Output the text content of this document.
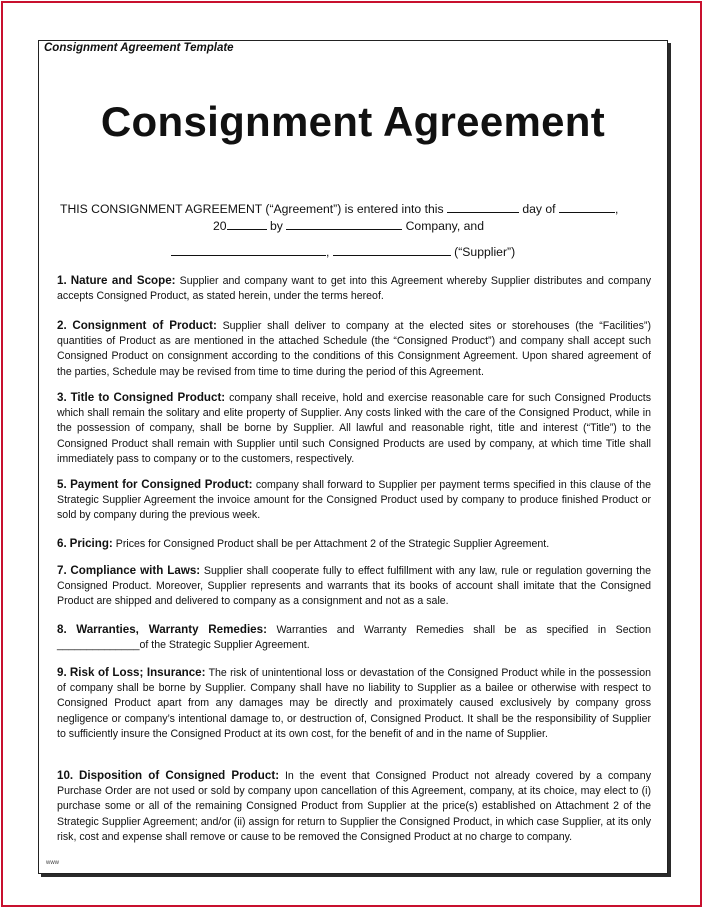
Consignment Agreement Template
Consignment Agreement
THIS CONSIGNMENT AGREEMENT (“Agreement”) is entered into this	day of	,
20	by	Company, and
,	(“Supplier”)
1. Nature and Scope: Supplier and company want to get into this Agreement whereby Supplier distributes and company accepts Consigned Product, as stated herein, under the terms hereof.
2. Consignment of Product: Supplier shall deliver to company at the elected sites or storehouses (the “Facilities”) quantities of Product as are mentioned in the attached Schedule (the “Consigned Product”) and company shall accept such Consigned Product on consignment according to the conditions of this Consignment Agreement. Upon shared agreement of the parties, Schedule may be revised from time to time during the period of this Agreement.
3. Title to Consigned Product: company shall receive, hold and exercise reasonable care for such Consigned Products which shall remain the solitary and elite property of Supplier. Any costs linked with the care of the Consigned Product, while in the possession of company, shall be borne by Supplier. All lawful and reasonable right, title and interest (“Title”) to the Consigned Product shall remain with Supplier until such Consigned Products are used by company, at which time Title shall immediately pass to company or to the customers, respectively.
5. Payment for Consigned Product: company shall forward to Supplier per payment terms specified in this clause of the Strategic Supplier Agreement the invoice amount for the Consigned Product used by company to produce finished Product or sold by company during the previous week.
6. Pricing: Prices for Consigned Product shall be per Attachment 2 of the Strategic Supplier Agreement.
7. Compliance with Laws: Supplier shall cooperate fully to effect fulfillment with any law, rule or regulation governing the Consigned Product. Moreover, Supplier represents and warrants that its books of account shall imitate that the Consigned Product are shipped and delivered to company as a consignment and not as a sale.
8. Warranties, Warranty Remedies: Warranties and Warranty Remedies shall be as specified in Section ______________of the Strategic Supplier Agreement.
9. Risk of Loss; Insurance: The risk of unintentional loss or devastation of the Consigned Product while in the possession of company shall be borne by Supplier. Company shall have no liability to Supplier as a bailee or otherwise with respect to Consigned Product apart from any damages may be directly and proximately caused exclusively by company gross negligence or company’s intentional damage to, or destruction of, Consigned Product. It shall be the responsibility of Supplier to sufficiently insure the Consigned Product at its own cost, for the benefit of and in the name of Supplier.
10. Disposition of Consigned Product: In the event that Consigned Product not already covered by a company Purchase Order are not used or sold by company upon cancellation of this Agreement, company, at its choice, may elect to (i) purchase some or all of the remaining Consigned Product from Supplier at the price(s) established on Attachment 2 of the Strategic Supplier Agreement; and/or (ii) assign for return to Supplier the Consigned Product, in which case Supplier, at its only risk, cost and expense shall remove or cause to be removed the Consigned Product at no charge to company.
www
